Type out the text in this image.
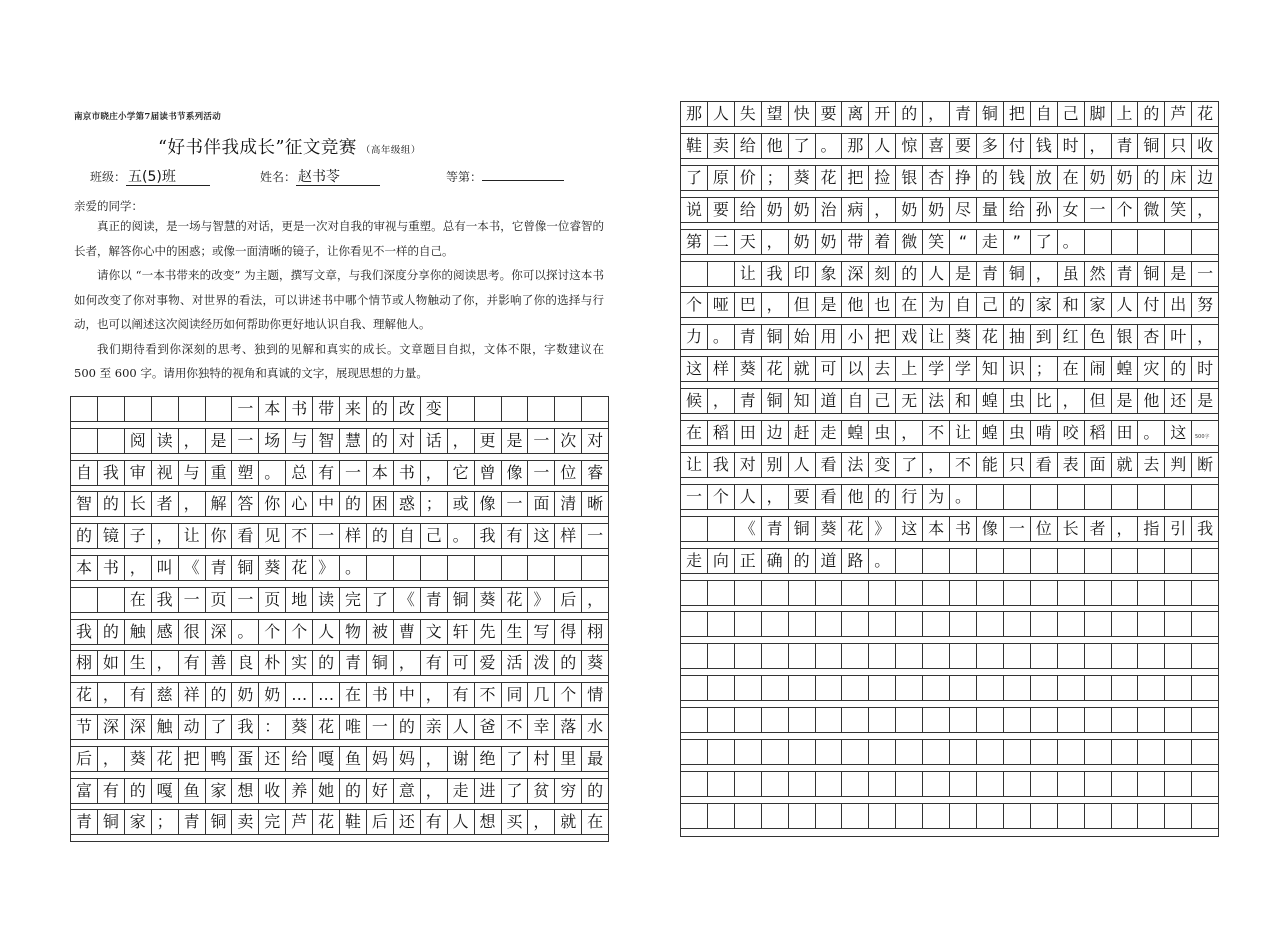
南京市晓庄小学第7届读书节系列活动
“好书伴我成长”征文竞赛 （高年级组）
班级： 五(5)班	姓名： 赵书苓	等第：
亲爱的同学：

真正的阅读，是一场与智慧的对话，更是一次对自我的审视与重塑。总有一本书，它曾像一位睿智的长者，解答你心中的困惑；或像一面清晰的镜子，让你看见不一样的自己。

请你以 “一本书带来的改变” 为主题，撰写文章，与我们深度分享你的阅读思考。你可以探讨这本书如何改变了你对事物、对世界的看法，可以讲述书中哪个情节或人物触动了你，并影响了你的选择与行动，也可以阐述这次阅读经历如何帮助你更好地认识自我、理解他人。

我们期待看到你深刻的思考、独到的见解和真实的成长。文章题目自拟，文体不限，字数建议在 500 至 600 字。请用你独特的视角和真诚的文字，展现思想的力量。

一 本 书 带 来 的 改 变
阅 读 ， 是 一 场 与 智 慧 的 对 话 ， 更 是 一 次 对
自 我 审 视 与 重 塑 。 总 有 一 本 书 ， 它 曾 像 一 位 睿
智 的 长 者 ， 解 答 你 心 中 的 困 惑 ； 或 像 一 面 清 晰
的 镜 子 ， 让 你 看 见 不 一 样 的 自 己 。 我 有 这 样 一
本 书 ， 叫 《 青 铜 葵 花 》 。
在 我 一 页 一 页 地 读 完 了 《 青 铜 葵 花 》 后 ，
我 的 触 感 很 深 。 个 个 人 物 被 曹 文 轩 先 生 写 得 栩
栩 如 生 ， 有 善 良 朴 实 的 青 铜 ， 有 可 爱 活 泼 的 葵
花 ， 有 慈 祥 的 奶 奶 … … 在 书 中 ， 有 不 同 几 个 情
节 深 深 触 动 了 我 ： 葵 花 唯 一 的 亲 人 爸 不 幸 落 水
后 ， 葵 花 把 鸭 蛋 还 给 嘎 鱼 妈 妈 ， 谢 绝 了 村 里 最
富 有 的 嘎 鱼 家 想 收 养 她 的 好 意 ， 走 进 了 贫 穷 的
青 铜 家 ； 青 铜 卖 完 芦 花 鞋 后 还 有 人 想 买 ， 就 在
那 人 失 望 快 要 离 开 的 ， 青 铜 把 自 己 脚 上 的 芦 花
鞋 卖 给 他 了 。 那 人 惊 喜 要 多 付 钱 时 ， 青 铜 只 收
了 原 价 ； 葵 花 把 捡 银 杏 挣 的 钱 放 在 奶 奶 的 床 边
说 要 给 奶 奶 治 病 ， 奶 奶 尽 量 给 孙 女 一 个 微 笑 ，
第 二 天 ， 奶 奶 带 着 微 笑 “ 走 ” 了 。
让 我 印 象 深 刻 的 人 是 青 铜 ， 虽 然 青 铜 是 一
个 哑 巴 ， 但 是 他 也 在 为 自 己 的 家 和 家 人 付 出 努
力 。 青 铜 始 用 小 把 戏 让 葵 花 抽 到 红 色 银 杏 叶 ，
这 样 葵 花 就 可 以 去 上 学 学 知 识 ； 在 闹 蝗 灾 的 时
候 ， 青 铜 知 道 自 己 无 法 和 蝗 虫 比 ， 但 是 他 还 是
在 稻 田 边 赶 走 蝗 虫 ， 不 让 蝗 虫 啃 咬 稻 田 。 这
让 我 对 别 人 看 法 变 了 ， 不 能 只 看 表 面 就 去 判 断
一 个 人 ， 要 看 他 的 行 为 。
《 青 铜 葵 花 》 这 本 书 像 一 位 长 者 ， 指 引 我
走 向 正 确 的 道 路 。
500字
